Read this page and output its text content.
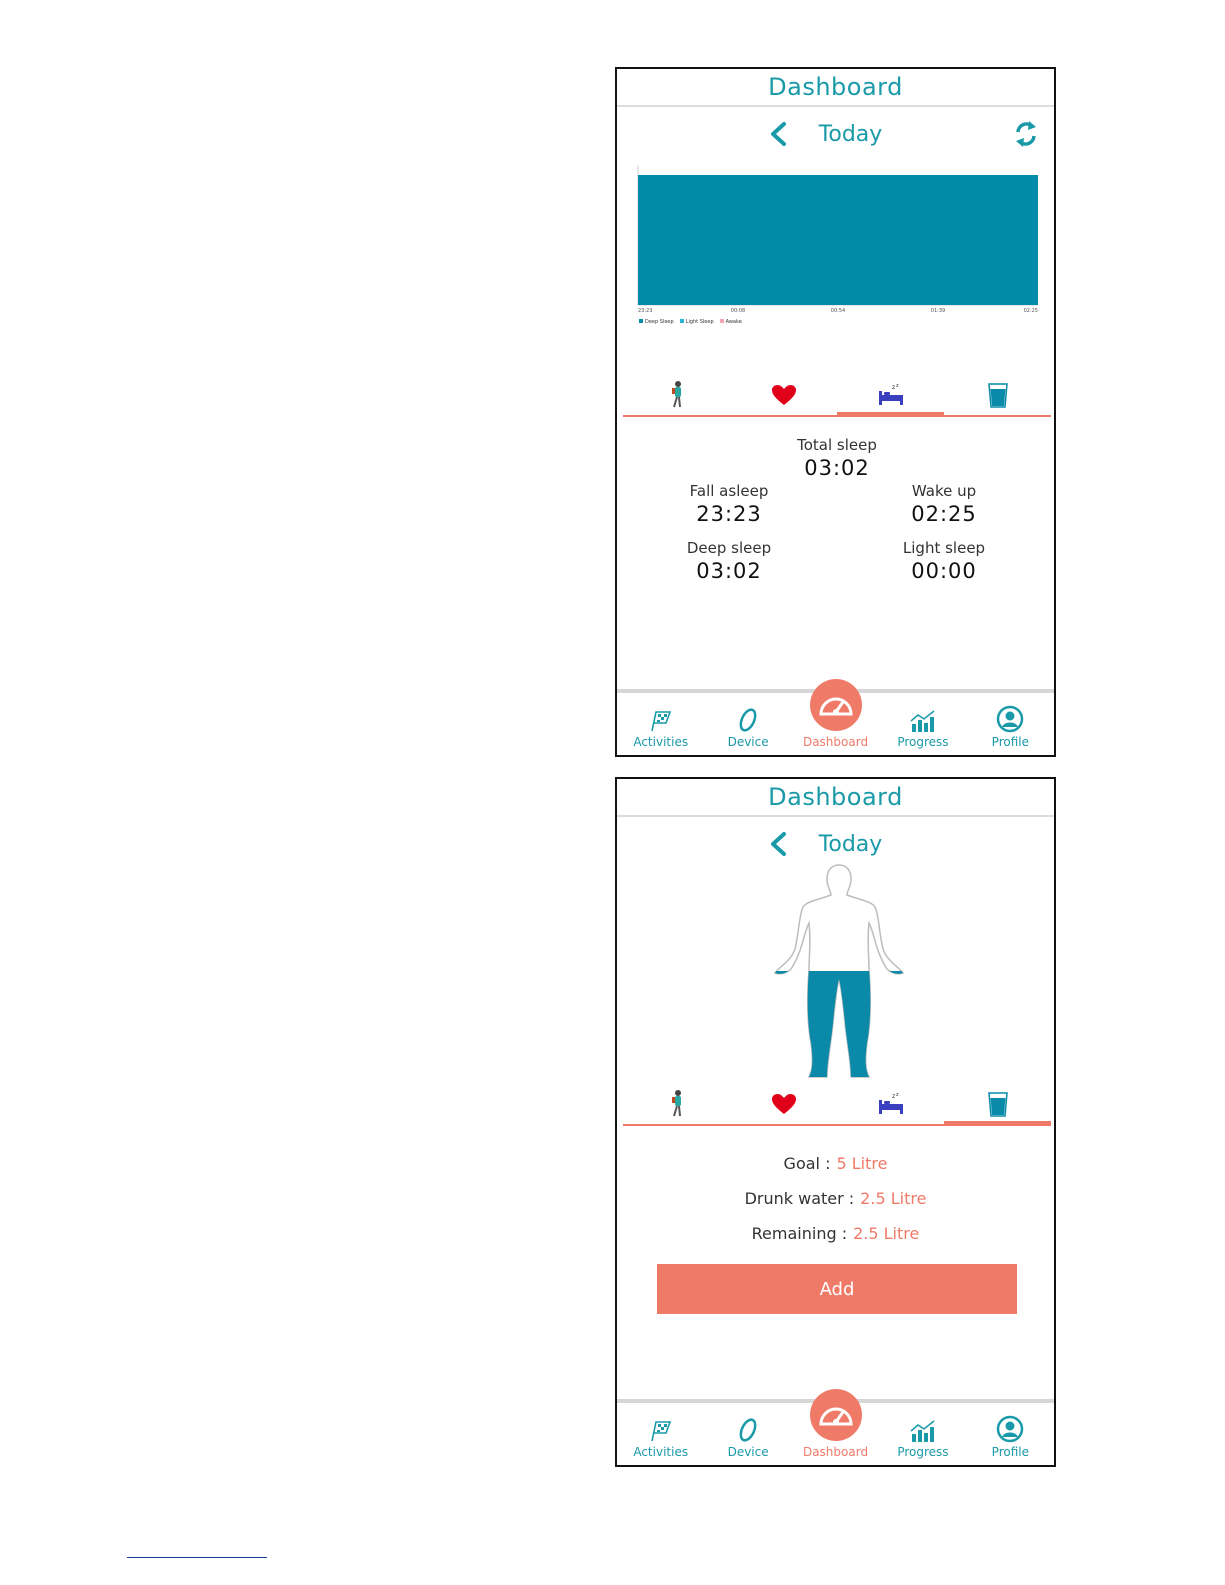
Dashboard
Today
23:23	00:08	00:54	01:39	02:25
Deep Sleep	Light Sleep	Awake
z z
Total sleep
03:02
Fall asleep
23:23
Wake up
02:25
Deep sleep
03:02
Light sleep
00:00
Activities	Device	Dashboard Progress	Profile
Dashboard
Today
z z
Goal : 5 Litre
Drunk water : 2.5 Litre
Remaining : 2.5 Litre
Add
Activities	Device	Dashboard Progress	Profile
